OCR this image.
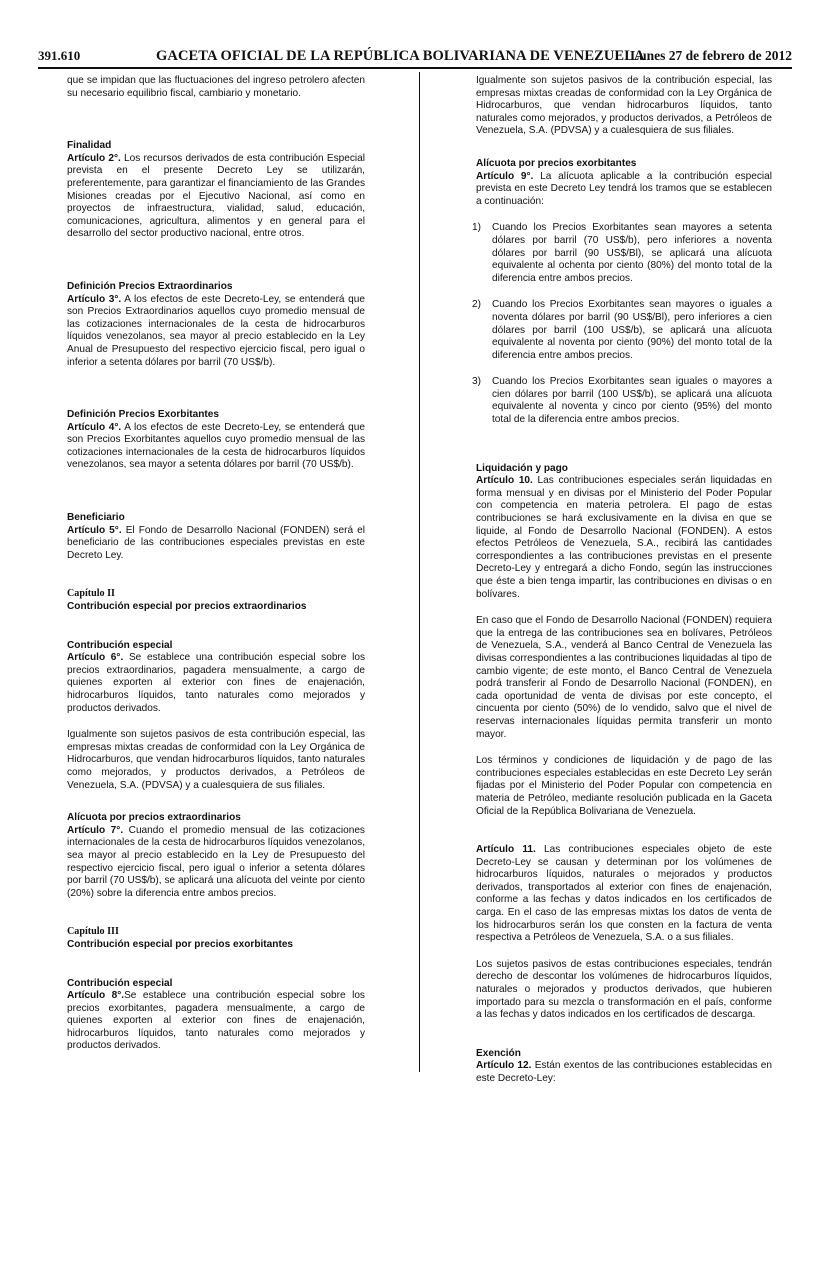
391.610	GACETA OFICIAL DE LA REPÚBLICA BOLIVARIANA DE VENEZUELA
Lunes 27 de febrero de 2012

que se impidan que las fluctuaciones del ingreso petrolero afecten su necesario equilibrio fiscal, cambiario y monetario.

Finalidad

Artículo 2°. Los recursos derivados de esta contribución Especial prevista en el presente Decreto Ley se utilizarán, preferentemente, para garantizar el financiamiento de las Grandes Misiones creadas por el Ejecutivo Nacional, así como en proyectos de infraestructura, vialidad, salud, educación, comunicaciones, agricultura, alimentos y en general para el desarrollo del sector productivo nacional, entre otros.

Definición Precios Extraordinarios

Artículo 3°. A los efectos de este Decreto-Ley, se entenderá que son Precios Extraordinarios aquellos cuyo promedio mensual de las cotizaciones internacionales de la cesta de hidrocarburos líquidos venezolanos, sea mayor al precio establecido en la Ley Anual de Presupuesto del respectivo ejercicio fiscal, pero igual o inferior a setenta dólares por barril (70 US$/b).

Definición Precios Exorbitantes

Artículo 4°. A los efectos de este Decreto-Ley, se entenderá que son Precios Exorbitantes aquellos cuyo promedio mensual de las cotizaciones internacionales de la cesta de hidrocarburos líquidos venezolanos, sea mayor a setenta dólares por barril (70 US$/b).

Beneficiario

Artículo 5°. El Fondo de Desarrollo Nacional (FONDEN) será el beneficiario de las contribuciones especiales previstas en este Decreto Ley.

Capítulo II

Contribución especial por precios extraordinarios

Contribución especial

Artículo 6°. Se establece una contribución especial sobre los precios extraordinarios, pagadera mensualmente, a cargo de quienes exporten al exterior con fines de enajenación, hidrocarburos líquidos, tanto naturales como mejorados y productos derivados.

Igualmente son sujetos pasivos de esta contribución especial, las empresas mixtas creadas de conformidad con la Ley Orgánica de Hidrocarburos, que vendan hidrocarburos líquidos, tanto naturales como mejorados, y productos derivados, a Petróleos de Venezuela, S.A. (PDVSA) y a cualesquiera de sus filiales.

Alícuota por precios extraordinarios

Artículo 7°. Cuando el promedio mensual de las cotizaciones internacionales de la cesta de hidrocarburos líquidos venezolanos, sea mayor al precio establecido en la Ley de Presupuesto del respectivo ejercicio fiscal, pero igual o inferior a setenta dólares por barril (70 US$/b), se aplicará una alícuota del veinte por ciento (20%) sobre la diferencia entre ambos precios.

Capítulo III

Contribución especial por precios exorbitantes

Contribución especial

Artículo 8°.Se establece una contribución especial sobre los precios exorbitantes, pagadera mensualmente, a cargo de quienes exporten al exterior con fines de enajenación, hidrocarburos líquidos, tanto naturales como mejorados y productos derivados.

Igualmente son sujetos pasivos de la contribución especial, las empresas mixtas creadas de conformidad con la Ley Orgánica de Hidrocarburos, que vendan hidrocarburos líquidos, tanto naturales como mejorados, y productos derivados, a Petróleos de Venezuela, S.A. (PDVSA) y a cualesquiera de sus filiales.

Alícuota por precios exorbitantes

Artículo 9°. La alícuota aplicable a la contribución especial prevista en este Decreto Ley tendrá los tramos que se establecen a continuación:

1)	Cuando los Precios Exorbitantes sean mayores a setenta dólares por barril (70 US$/b), pero inferiores a noventa dólares por barril (90 US$/Bl), se aplicará una alícuota equivalente al ochenta por ciento (80%) del monto total de la diferencia entre ambos precios.
2)	Cuando los Precios Exorbitantes sean mayores o iguales a noventa dólares por barril (90 US$/Bl), pero inferiores a cien dólares por barril (100 US$/b), se aplicará una alícuota equivalente al noventa por ciento (90%) del monto total de la diferencia entre ambos precios.
3)	Cuando los Precios Exorbitantes sean iguales o mayores a cien dólares por barril (100 US$/b), se aplicará una alícuota equivalente al noventa y cinco por ciento (95%) del monto total de la diferencia entre ambos precios.

Liquidación y pago

Artículo 10. Las contribuciones especiales serán liquidadas en forma mensual y en divisas por el Ministerio del Poder Popular con competencia en materia petrolera. El pago de estas contribuciones se hará exclusivamente en la divisa en que se liquide, al Fondo de Desarrollo Nacional (FONDEN). A estos efectos Petróleos de Venezuela, S.A., recibirá las cantidades correspondientes a las contribuciones previstas en el presente Decreto-Ley y entregará a dicho Fondo, según las instrucciones que éste a bien tenga impartir, las contribuciones en divisas o en bolívares.

En caso que el Fondo de Desarrollo Nacional (FONDEN) requiera que la entrega de las contribuciones sea en bolívares, Petróleos de Venezuela, S.A., venderá al Banco Central de Venezuela las divisas correspondientes a las contribuciones liquidadas al tipo de cambio vigente; de este monto, el Banco Central de Venezuela podrá transferir al Fondo de Desarrollo Nacional (FONDEN), en cada oportunidad de venta de divisas por este concepto, el cincuenta por ciento (50%) de lo vendido, salvo que el nivel de reservas internacionales líquidas permita transferir un monto mayor.

Los términos y condiciones de liquidación y de pago de las contribuciones especiales establecidas en este Decreto Ley serán fijadas por el Ministerio del Poder Popular con competencia en materia de Petróleo, mediante resolución publicada en la Gaceta Oficial de la República Bolivariana de Venezuela.

Artículo 11. Las contribuciones especiales objeto de este Decreto-Ley se causan y determinan por los volúmenes de hidrocarburos líquidos, naturales o mejorados y productos derivados, transportados al exterior con fines de enajenación, conforme a las fechas y datos indicados en los certificados de carga. En el caso de las empresas mixtas los datos de venta de los hidrocarburos serán los que consten en la factura de venta respectiva a Petróleos de Venezuela, S.A. o a sus filiales.

Los sujetos pasivos de estas contribuciones especiales, tendrán derecho de descontar los volúmenes de hidrocarburos líquidos, naturales o mejorados y productos derivados, que hubieren importado para su mezcla o transformación en el país, conforme a las fechas y datos indicados en los certificados de descarga.

Exención

Artículo 12. Están exentos de las contribuciones establecidas en este Decreto-Ley:
